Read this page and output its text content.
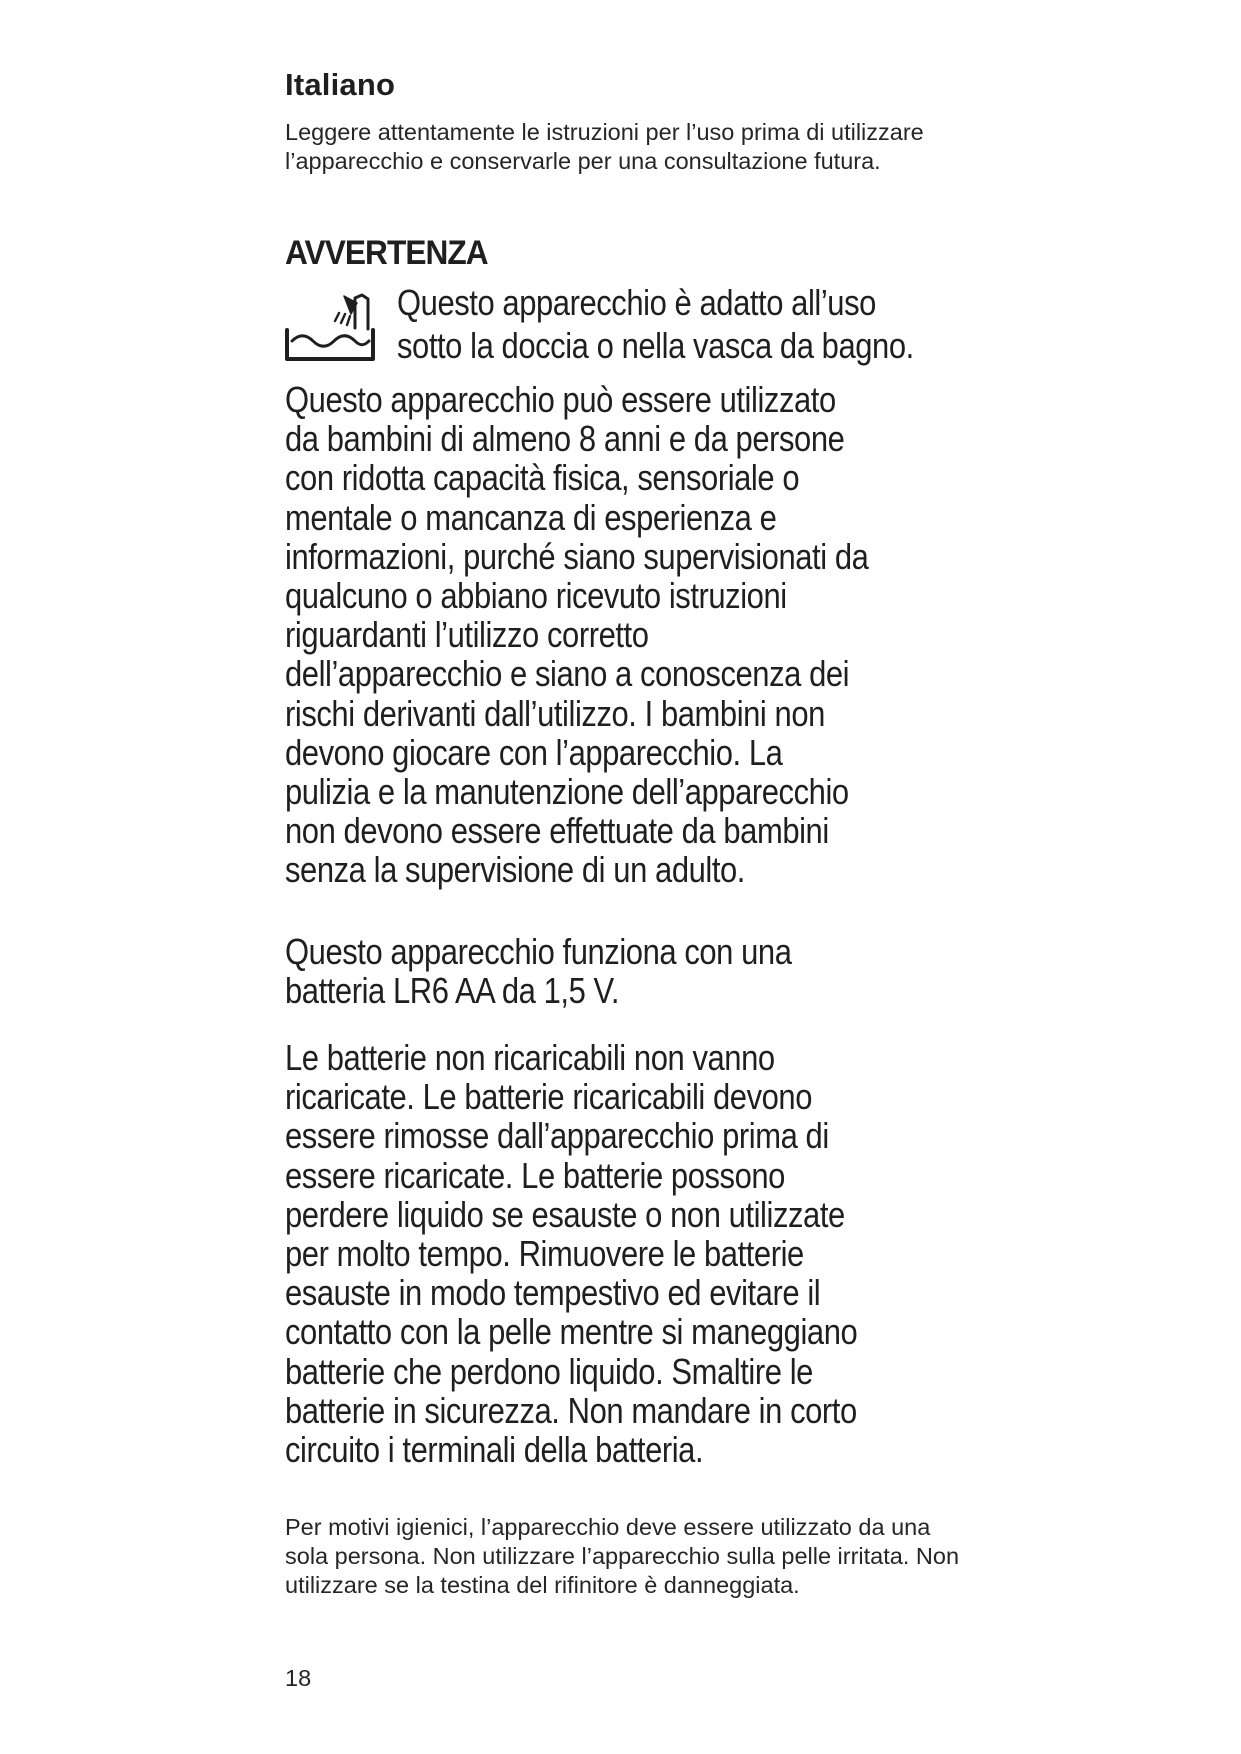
Italiano

Leggere attentamente le istruzioni per l’uso prima di utilizzare l’apparecchio e conservarle per una consultazione futura.

AVVERTENZA

Questo apparecchio è adatto all’uso
sotto la doccia o nella vasca da bagno.

Questo apparecchio può essere utilizzato
da bambini di almeno 8 anni e da persone
con ridotta capacità fisica, sensoriale o
mentale o mancanza di esperienza e
informazioni, purché siano supervisionati da
qualcuno o abbiano ricevuto istruzioni
riguardanti l’utilizzo corretto
dell’apparecchio e siano a conoscenza dei
rischi derivanti dall’utilizzo. I bambini non
devono giocare con l’apparecchio. La
pulizia e la manutenzione dell’apparecchio
non devono essere effettuate da bambini
senza la supervisione di un adulto.

Questo apparecchio funziona con una
batteria LR6 AA da 1,5 V.

Le batterie non ricaricabili non vanno
ricaricate. Le batterie ricaricabili devono
essere rimosse dall’apparecchio prima di
essere ricaricate. Le batterie possono
perdere liquido se esauste o non utilizzate
per molto tempo. Rimuovere le batterie
esauste in modo tempestivo ed evitare il
contatto con la pelle mentre si maneggiano
batterie che perdono liquido. Smaltire le
batterie in sicurezza. Non mandare in corto
circuito i terminali della batteria.

Per motivi igienici, l’apparecchio deve essere utilizzato da una sola persona. Non utilizzare l’apparecchio sulla pelle irritata. Non utilizzare se la testina del rifinitore è danneggiata.

18
